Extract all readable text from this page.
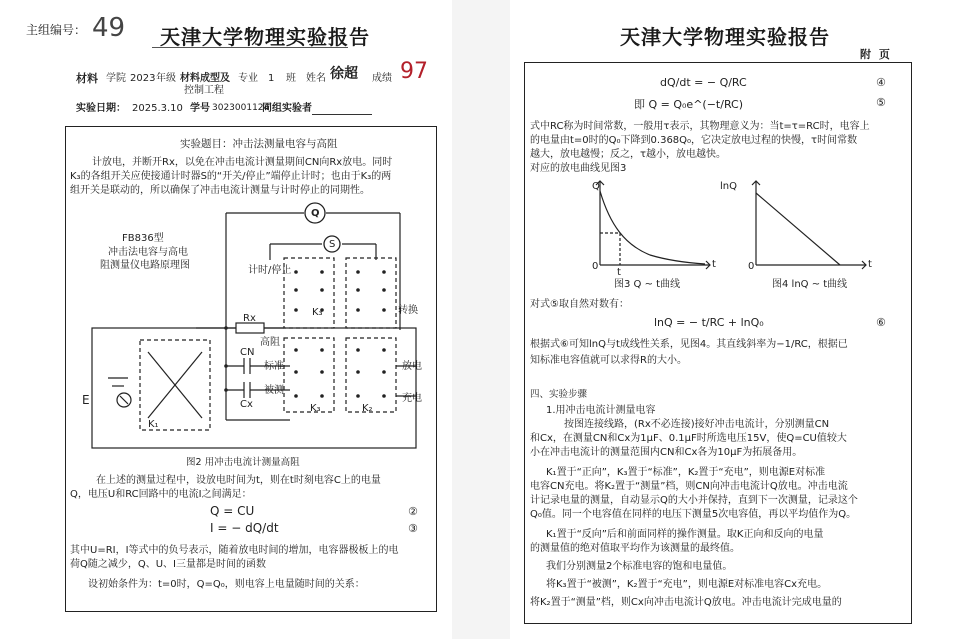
主组编号： 49 天津大学物理实验报告
材料 学院 2023 年级 材料成型及 专业
控制工程
1 班 姓名 徐超 成绩 97
实验日期： 2025.3.10 学号 3023001124
同组实验者
实验题目：冲击法测量电容与高阻
计放电，并断开Rx，以免在冲击电流计测量期间CN向Rx放电。同时
K₃的各组开关应使接通计时器S的“开关/停止”端停止计时；也由于K₃的两
组开关是联动的，所以确保了冲击电流计测量与计时停止的同期性。
FB836型
冲击法电容与高电
阻测量仪电路原理图
Q
S
计时/停止
转换
Rx
高阻
CN
标准
Cx
被测
K₁
K₂
K₃
K₃
放电
充电
E
图2 用冲击电流计测量高阻
在上述的测量过程中，设放电时间为t，则在t时刻电容C上的电量
Q，电压U和RC回路中的电流I之间满足：
Q = CU	②
I = − dQ/dt	③
其中U=RI，I等式中的负号表示，随着放电时间的增加，电容器极板上的电
荷Q随之减少，Q、U、I三量都是时间的函数
设初始条件为：t=0时，Q=Q₀，则电容上电量随时间的关系：
天津大学物理实验报告
附 页
dQ/dt = − Q/RC	④
即 Q = Q₀e^(−t/RC)	⑤
式中RC称为时间常数，一般用τ表示，其物理意义为：当t=τ=RC时，电容上
的电量由t=0时的Q₀下降到0.368Q₀，它决定放电过程的快慢，τ时间常数
越大，放电越慢；反之，τ越小，放电越快。
对应的放电曲线见图3
Q
0
t
t
图3 Q ~ t曲线
lnQ
0	t
图4 lnQ ~ t曲线
对式⑤取自然对数有：
lnQ = − t/RC + lnQ₀	⑥
根据式⑥可知lnQ与t成线性关系，见图4。其直线斜率为−1/RC，根据已
知标准电容值就可以求得R的大小。
四、实验步骤
1.用冲击电流计测量电容
按图连接线路，(Rx不必连接)接好冲击电流计，分别测量CN
和Cx，在测量CN和Cx为1μF、0.1μF时所选电压15V，使Q=CU值较大
小在冲击电流计的测量范围内CN和Cx各为10μF为拓展备用。
K₁置于“正向”，K₃置于“标准”，K₂置于“充电”，则电源E对标准
电容CN充电。将K₂置于“测量”档，则CN向冲击电流计Q放电。冲击电流
计记录电量的测量，自动显示Q的大小并保持，直到下一次测量，记录这个
Q₀值。同一个电容值在同样的电压下测量5次电容值，再以平均值作为Q。
K₁置于“反向”后和前面同样的操作测量。取K正向和反向的电量
的测量值的绝对值取平均作为该测量的最终值。
我们分别测量2个标准电容的饱和电量值。
将K₃置于“被测”，K₂置于“充电”，则电源E对标准电容Cx充电。
将K₂置于“测量”档，则Cx向冲击电流计Q放电。冲击电流计完成电量的
